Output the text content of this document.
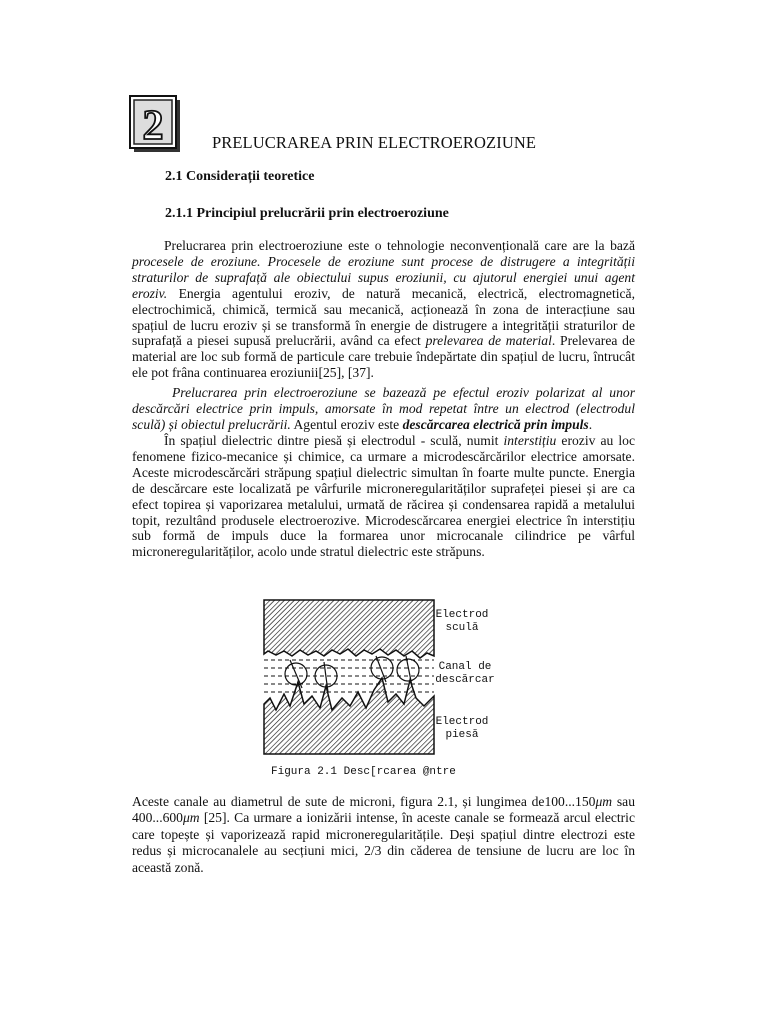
2	PRELUCRAREA PRIN ELECTROEROZIUNE
2.1 Considerații teoretice
2.1.1 Principiul prelucrării prin electroeroziune

Prelucrarea prin electroeroziune este o tehnologie neconvențională care are la bază procesele de eroziune. Procesele de eroziune sunt procese de distrugere a integrității straturilor de suprafață ale obiectului supus eroziunii, cu ajutorul energiei unui agent eroziv. Energia agentului eroziv, de natură mecanică, electrică, electromagnetică, electrochimică, chimică, termică sau mecanică, acționează în zona de interacțiune sau spațiul de lucru eroziv și se transformă în energie de distrugere a integrității straturilor de suprafață a piesei supusă prelucrării, având ca efect prelevarea de material. Prelevarea de material are loc sub formă de particule care trebuie îndepărtate din spațiul de lucru, întrucât ele pot frâna continuarea eroziunii[25], [37].

Prelucrarea prin electroeroziune se bazează pe efectul eroziv polarizat al unor descărcări electrice prin impuls, amorsate în mod repetat între un electrod (electrodul sculă) și obiectul prelucrării. Agentul eroziv este descărcarea electrică prin impuls.

În spațiul dielectric dintre piesă și electrodul - sculă, numit interstițiu eroziv au loc fenomene fizico-mecanice și chimice, ca urmare a microdescărcărilor electrice amorsate. Aceste microdescărcări străpung spațiul dielectric simultan în foarte multe puncte. Energia de descărcare este localizată pe vârfurile microneregularităților suprafeței piesei și are ca efect topirea și vaporizarea metalului, urmată de răcirea și condensarea rapidă a metalului topit, rezultând produsele electroerozive. Microdescărcarea energiei electrice în interstițiu sub formă de impuls duce la formarea unor microcanale cilindrice pe vârful microneregularităților, acolo unde stratul dielectric este străpuns.

Electrod
sculă
Canal de
descărcar
Electrod
piesă
Figura 2.1 Desc[rcarea @ntre

Aceste canale au diametrul de sute de microni, figura 2.1, și lungimea de100...150μm sau 400...600μm [25]. Ca urmare a ionizării intense, în aceste canale se formează arcul electric care topește și vaporizează rapid microneregularitățile. Deși spațiul dintre electrozi este redus și microcanalele au secțiuni mici, 2/3 din căderea de tensiune de lucru are loc în această zonă.
